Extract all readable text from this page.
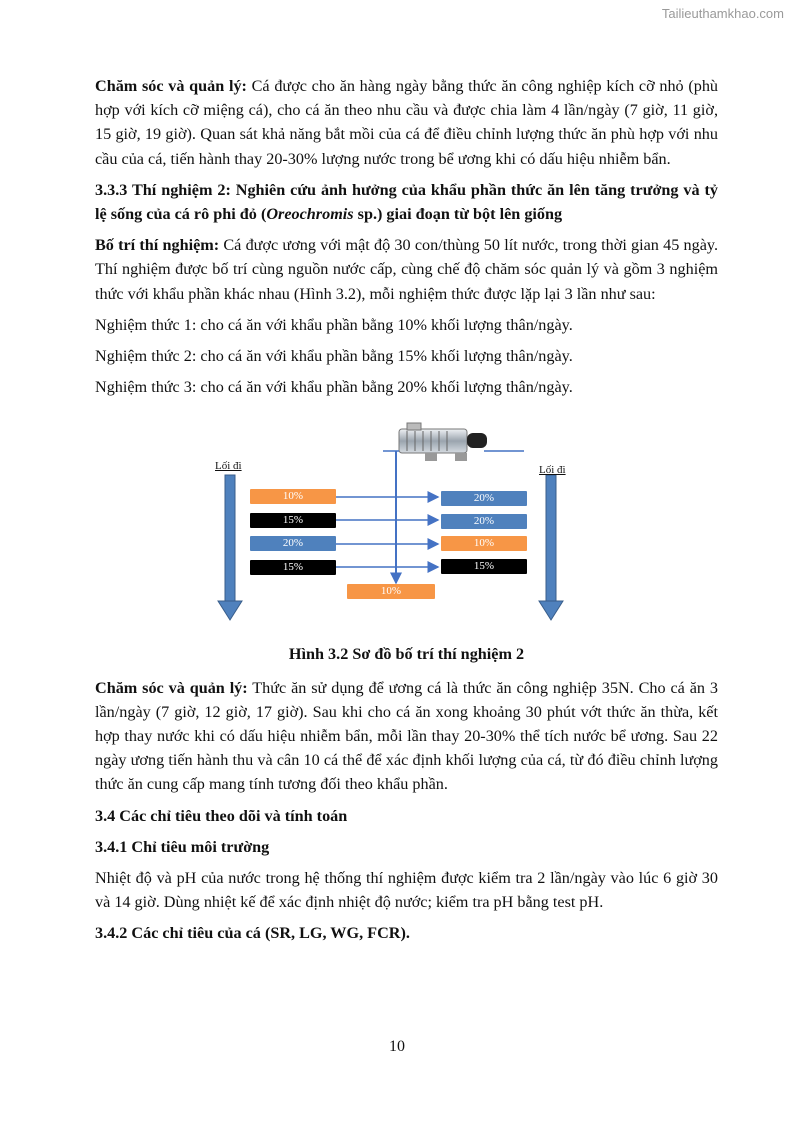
Tailieuthamkhao.com

Chăm sóc và quản lý: Cá được cho ăn hàng ngày bằng thức ăn công nghiệp kích cỡ nhỏ (phù hợp với kích cỡ miệng cá), cho cá ăn theo nhu cầu và được chia làm 4 lần/ngày (7 giờ, 11 giờ, 15 giờ, 19 giờ). Quan sát khả năng bắt mồi của cá để điều chỉnh lượng thức ăn phù hợp với nhu cầu của cá, tiến hành thay 20-30% lượng nước trong bể ương khi có dấu hiệu nhiễm bẩn.

3.3.3 Thí nghiệm 2: Nghiên cứu ảnh hưởng của khẩu phần thức ăn lên tăng trưởng và tỷ lệ sống của cá rô phi đỏ (Oreochromis sp.) giai đoạn từ bột lên giống

Bố trí thí nghiệm: Cá được ương với mật độ 30 con/thùng 50 lít nước, trong thời gian 45 ngày. Thí nghiệm được bố trí cùng nguồn nước cấp, cùng chế độ chăm sóc quản lý và gồm 3 nghiệm thức với khẩu phần khác nhau (Hình 3.2), mỗi nghiệm thức được lặp lại 3 lần như sau:

Nghiệm thức 1: cho cá ăn với khẩu phần bằng 10% khối lượng thân/ngày.

Nghiệm thức 2: cho cá ăn với khẩu phần bằng 15% khối lượng thân/ngày.

Nghiệm thức 3: cho cá ăn với khẩu phần bằng 20% khối lượng thân/ngày.

Lối đi	Lối đi
10%
15%
20%
15%
20%
20%
10%
15%
10%

Hình 3.2 Sơ đồ bố trí thí nghiệm 2

Chăm sóc và quản lý: Thức ăn sử dụng để ương cá là thức ăn công nghiệp 35N. Cho cá ăn 3 lần/ngày (7 giờ, 12 giờ, 17 giờ). Sau khi cho cá ăn xong khoảng 30 phút vớt thức ăn thừa, kết hợp thay nước khi có dấu hiệu nhiễm bẩn, mỗi lần thay 20-30% thể tích nước bể ương. Sau 22 ngày ương tiến hành thu và cân 10 cá thể để xác định khối lượng của cá, từ đó điều chỉnh lượng thức ăn cung cấp mang tính tương đối theo khẩu phần.

3.4 Các chỉ tiêu theo dõi và tính toán

3.4.1 Chỉ tiêu môi trường

Nhiệt độ và pH của nước trong hệ thống thí nghiệm được kiểm tra 2 lần/ngày vào lúc 6 giờ 30 và 14 giờ. Dùng nhiệt kế để xác định nhiệt độ nước; kiểm tra pH bằng test pH.

3.4.2 Các chỉ tiêu của cá (SR, LG, WG, FCR).

10
